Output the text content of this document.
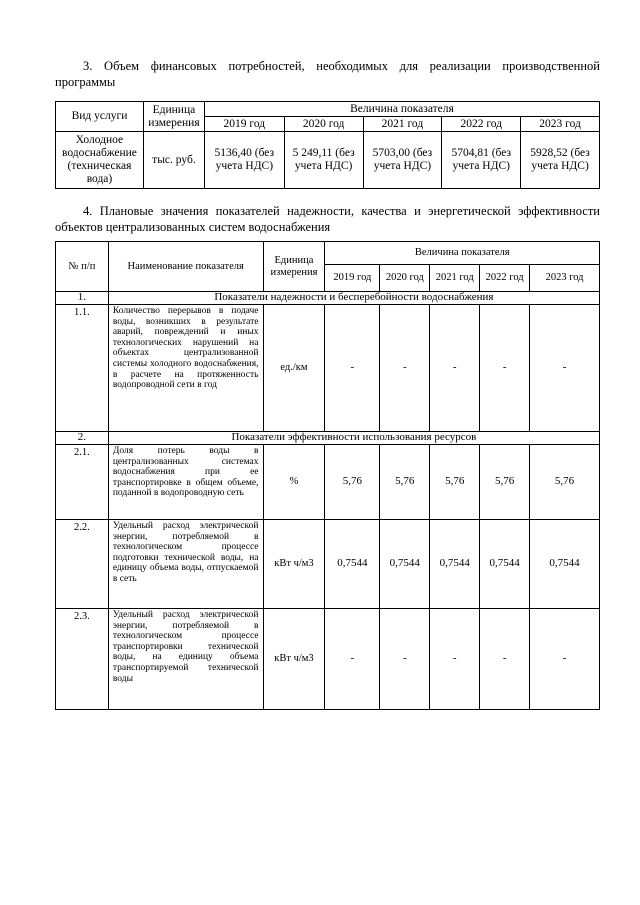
3. Объем финансовых потребностей, необходимых для реализации производственной программы
Вид услуги	Единица измерения	Величина показателя				
		2019 год	2020 год	2021 год	2022 год	2023 год
Холодное водоснабжение (техническая вода)	тыс. руб.	5136,40 (без учета НДС)	5 249,11 (без учета НДС)	5703,00 (без учета НДС)	5704,81 (без учета НДС)	5928,52 (без учета НДС)
4. Плановые значения показателей надежности, качества и энергетической эффективности объектов централизованных систем водоснабжения
№ п/п	Наименование показателя	Единица измерения	Величина показателя				
			2019 год	2020 год	2021 год	2022 год	2023 год
1.	Показатели надежности и бесперебойности водоснабжения						
1.1.	Количество перерывов в подаче воды, возникших в результате аварий, повреждений и иных технологических нарушений на объектах централизованной системы холодного водоснабжения, в расчете на протяженность водопроводной сети в год	ед./км	-	-	-	-	-
2.	Показатели эффективности использования ресурсов						
2.1.	Доля потерь воды в централизованных системах водоснабжения при ее транспортировке в общем объеме, поданной в водопроводную сеть	%	5,76	5,76	5,76	5,76	5,76
2.2.	Удельный расход электрической энергии, потребляемой в технологическом процессе подготовки технической воды, на единицу объема воды, отпускаемой в сеть	кВт ч/м3	0,7544	0,7544	0,7544	0,7544	0,7544
2.3.	Удельный расход электрической энергии, потребляемой в технологическом процессе транспортировки технической воды, на единицу объема транспортируемой технической воды	кВт ч/м3	-	-	-	-	-
